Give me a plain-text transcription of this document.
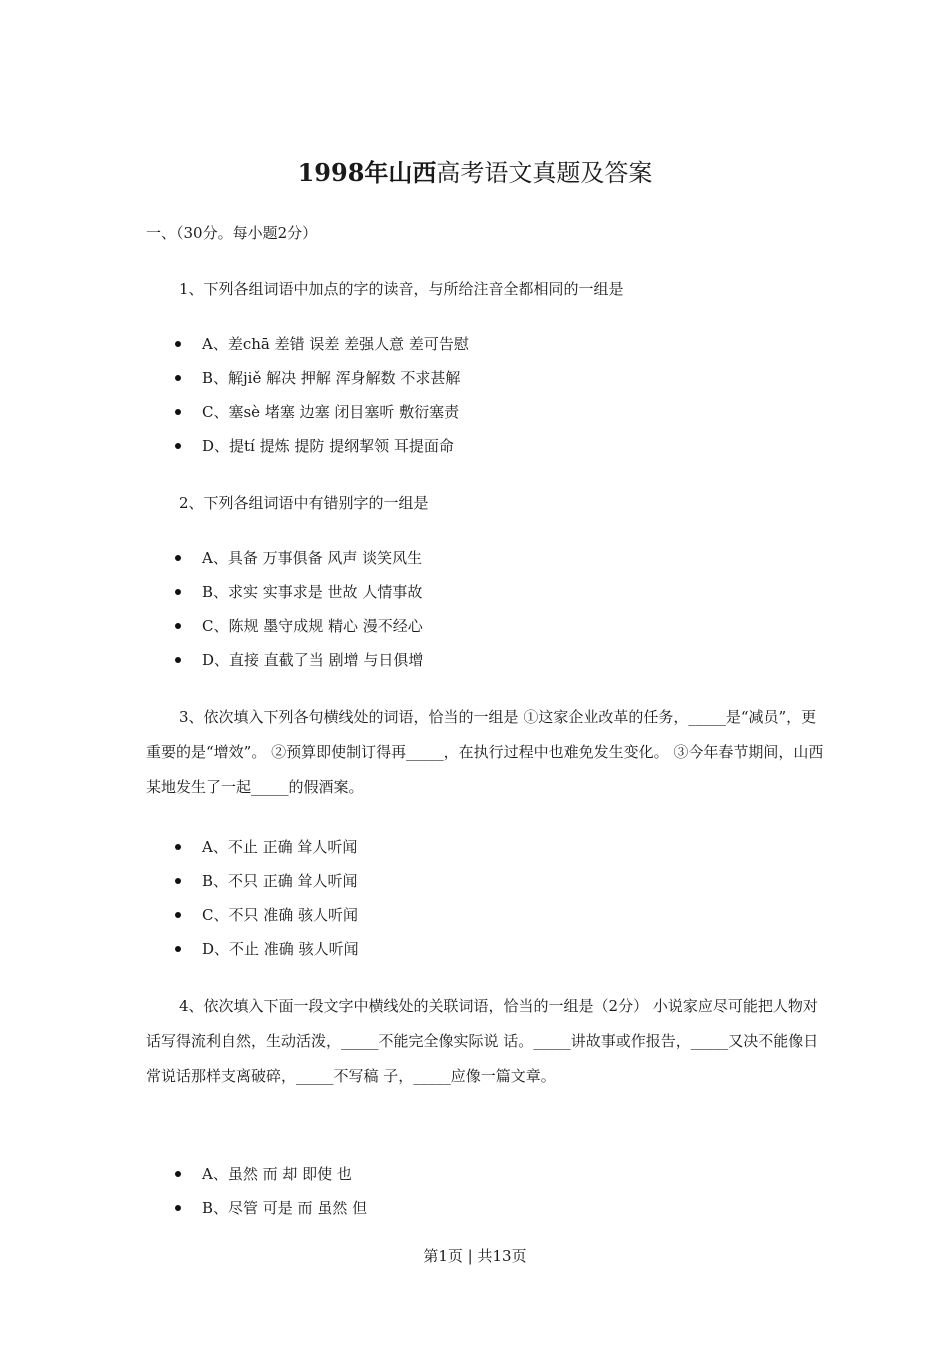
1998年山西高考语文真题及答案
一、（30分。每小题2分）
1、下列各组词语中加点的字的读音，与所给注音全都相同的一组是
A、差chā 差错 误差 差强人意 差可告慰
B、解jiě 解决 押解 浑身解数 不求甚解
C、塞sè 堵塞 边塞 闭目塞听 敷衍塞责
D、提tí 提炼 提防 提纲挈领 耳提面命
2、下列各组词语中有错别字的一组是
A、具备 万事俱备 风声 谈笑风生
B、求实 实事求是 世故 人情事故
C、陈规 墨守成规 精心 漫不经心
D、直接 直截了当 剧增 与日俱增
3、依次填入下列各句横线处的词语，恰当的一组是 ①这家企业改革的任务，_____是“减员”，更重要的是“增效”。 ②预算即使制订得再_____，在执行过程中也难免发生变化。 ③今年春节期间，山西某地发生了一起_____的假酒案。
A、不止 正确 耸人听闻
B、不只 正确 耸人听闻
C、不只 准确 骇人听闻
D、不止 准确 骇人听闻
4、依次填入下面一段文字中横线处的关联词语，恰当的一组是（2分） 小说家应尽可能把人物对话写得流利自然，生动活泼，_____不能完全像实际说 话。_____讲故事或作报告，_____又决不能像日常说话那样支离破碎，_____不写稿 子，_____应像一篇文章。
A、虽然 而 却 即使 也
B、尽管 可是 而 虽然 但
第1页 | 共13页
